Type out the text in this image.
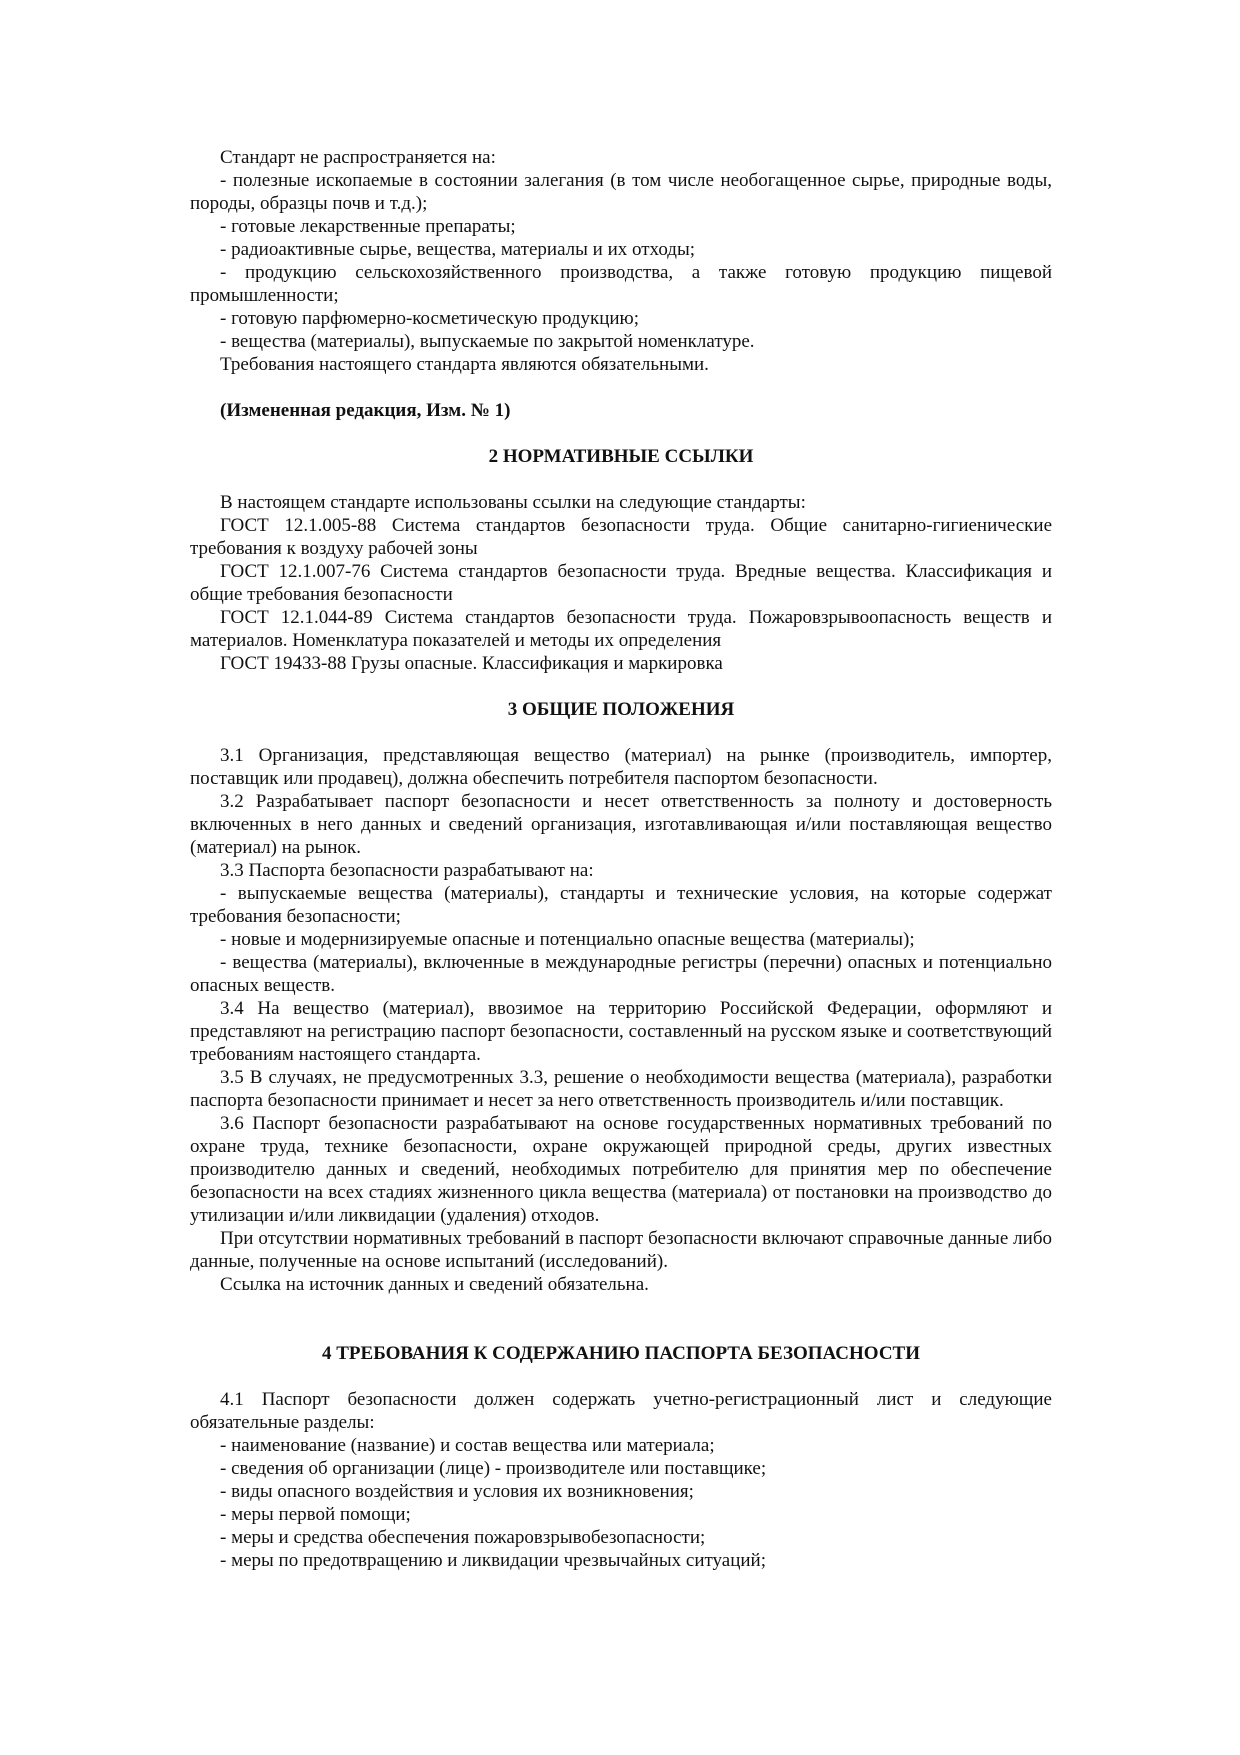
Стандарт не распространяется на:

- полезные ископаемые в состоянии залегания (в том числе необогащенное сырье, природные воды, породы, образцы почв и т.д.);

- готовые лекарственные препараты;

- радиоактивные сырье, вещества, материалы и их отходы;

- продукцию сельскохозяйственного производства, а также готовую продукцию пищевой промышленности;

- готовую парфюмерно-косметическую продукцию;

- вещества (материалы), выпускаемые по закрытой номенклатуре.

Требования настоящего стандарта являются обязательными.

(Измененная редакция, Изм. № 1)
2 НОРМАТИВНЫЕ ССЫЛКИ

В настоящем стандарте использованы ссылки на следующие стандарты:

ГОСТ 12.1.005-88 Система стандартов безопасности труда. Общие санитарно-гигиенические требования к воздуху рабочей зоны

ГОСТ 12.1.007-76 Система стандартов безопасности труда. Вредные вещества. Классификация и общие требования безопасности

ГОСТ 12.1.044-89 Система стандартов безопасности труда. Пожаровзрывоопасность веществ и материалов. Номенклатура показателей и методы их определения

ГОСТ 19433-88 Грузы опасные. Классификация и маркировка

3 ОБЩИЕ ПОЛОЖЕНИЯ

3.1 Организация, представляющая вещество (материал) на рынке (производитель, импортер, поставщик или продавец), должна обеспечить потребителя паспортом безопасности.

3.2 Разрабатывает паспорт безопасности и несет ответственность за полноту и достоверность включенных в него данных и сведений организация, изготавливающая и/или поставляющая вещество (материал) на рынок.

3.3 Паспорта безопасности разрабатывают на:

- выпускаемые вещества (материалы), стандарты и технические условия, на которые содержат требования безопасности;

- новые и модернизируемые опасные и потенциально опасные вещества (материалы);

- вещества (материалы), включенные в международные регистры (перечни) опасных и потенциально опасных веществ.

3.4 На вещество (материал), ввозимое на территорию Российской Федерации, оформляют и представляют на регистрацию паспорт безопасности, составленный на русском языке и соответствующий требованиям настоящего стандарта.

3.5 В случаях, не предусмотренных 3.3, решение о необходимости вещества (материала), разработки паспорта безопасности принимает и несет за него ответственность производитель и/или поставщик.

3.6 Паспорт безопасности разрабатывают на основе государственных нормативных требований по охране труда, технике безопасности, охране окружающей природной среды, других известных производителю данных и сведений, необходимых потребителю для принятия мер по обеспечение безопасности на всех стадиях жизненного цикла вещества (материала) от постановки на производство до утилизации и/или ликвидации (удаления) отходов.

При отсутствии нормативных требований в паспорт безопасности включают справочные данные либо данные, полученные на основе испытаний (исследований).

Ссылка на источник данных и сведений обязательна.

4 ТРЕБОВАНИЯ К СОДЕРЖАНИЮ ПАСПОРТА БЕЗОПАСНОСТИ

4.1 Паспорт безопасности должен содержать учетно-регистрационный лист и следующие обязательные разделы:

- наименование (название) и состав вещества или материала;

- сведения об организации (лице) - производителе или поставщике;

- виды опасного воздействия и условия их возникновения;

- меры первой помощи;

- меры и средства обеспечения пожаровзрывобезопасности;

- меры по предотвращению и ликвидации чрезвычайных ситуаций;
